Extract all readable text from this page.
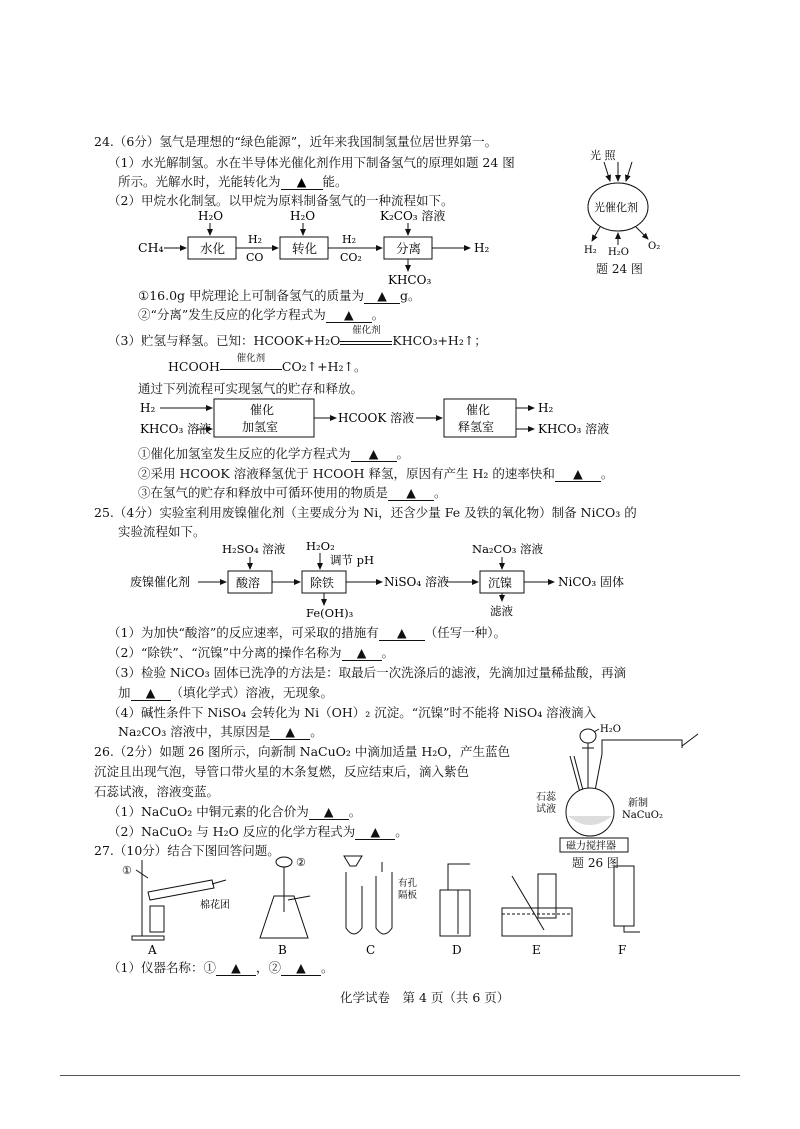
24.（6分）氢气是理想的“绿色能源”，近年来我国制氢量位居世界第一。
（1）水光解制氢。水在半导体光催化剂作用下制备氢气的原理如题 24 图
所示。光解水时，光能转化为 ▲ 能。
（2）甲烷水化制氢。以甲烷为原料制备氢气的一种流程如下。
CH₄	水化
H₂O
H₂
CO
转化
H₂O
H₂
CO₂
分离
K₂CO₃ 溶液
H₂
KHCO₃
光 照
光催化剂
H₂ H₂O
O₂
题 24 图
①16.0g 甲烷理论上可制备氢气的质量为 ▲ g。
②“分离”发生反应的化学方程式为 ▲ 。
（3）贮氢与释氢。已知：HCOOK+H₂O
催化剂
KHCO₃+H₂↑；
HCOOH
催化剂
CO₂↑+H₂↑。
通过下列流程可实现氢气的贮存和释放。
H₂
KHCO₃ 溶液
催化
加氢室
HCOOK 溶液
催化
释氢室
H₂
KHCO₃ 溶液
①催化加氢室发生反应的化学方程式为 ▲ 。
②采用 HCOOK 溶液释氢优于 HCOOH 释氢，原因有产生 H₂ 的速率快和 ▲ 。
③在氢气的贮存和释放中可循环使用的物质是 ▲ 。
25.（4分）实验室利用废镍催化剂（主要成分为 Ni，还含少量 Fe 及铁的氧化物）制备 NiCO₃ 的
实验流程如下。
H₂SO₄ 溶液 H₂O₂
调节 pH
Na₂CO₃ 溶液
废镍催化剂	酸溶	除铁	NiSO₄ 溶液	沉镍	NiCO₃ 固体
Fe(OH)₃	滤液
（1）为加快“酸溶”的反应速率，可采取的措施有 ▲ （任写一种）。
（2）“除铁”、“沉镍”中分离的操作名称为 ▲ 。
（3）检验 NiCO₃ 固体已洗净的方法是：取最后一次洗涤后的滤液，先滴加过量稀盐酸，再滴
加 ▲ （填化学式）溶液，无现象。
（4）碱性条件下 NiSO₄ 会转化为 Ni（OH）₂ 沉淀。“沉镍”时不能将 NiSO₄ 溶液滴入
Na₂CO₃ 溶液中，其原因是 ▲ 。
26.（2分）如题 26 图所示，向新制 NaCuO₂ 中滴加适量 H₂O，产生蓝色
沉淀且出现气泡，导管口带火星的木条复燃，反应结束后，滴入紫色
石蕊试液，溶液变蓝。
（1）NaCuO₂ 中铜元素的化合价为 ▲ 。
（2）NaCuO₂ 与 H₂O 反应的化学方程式为 ▲ 。
H₂O
石蕊
试液
新制
NaCuO₂
磁力搅拌器
题 26 图
27.（10分）结合下图回答问题。
①
棉花团
A
②
B
有孔
隔板
C	D	E	F
（1）仪器名称：① ▲ ，② ▲ 。
化学试卷　第 4 页（共 6 页）
